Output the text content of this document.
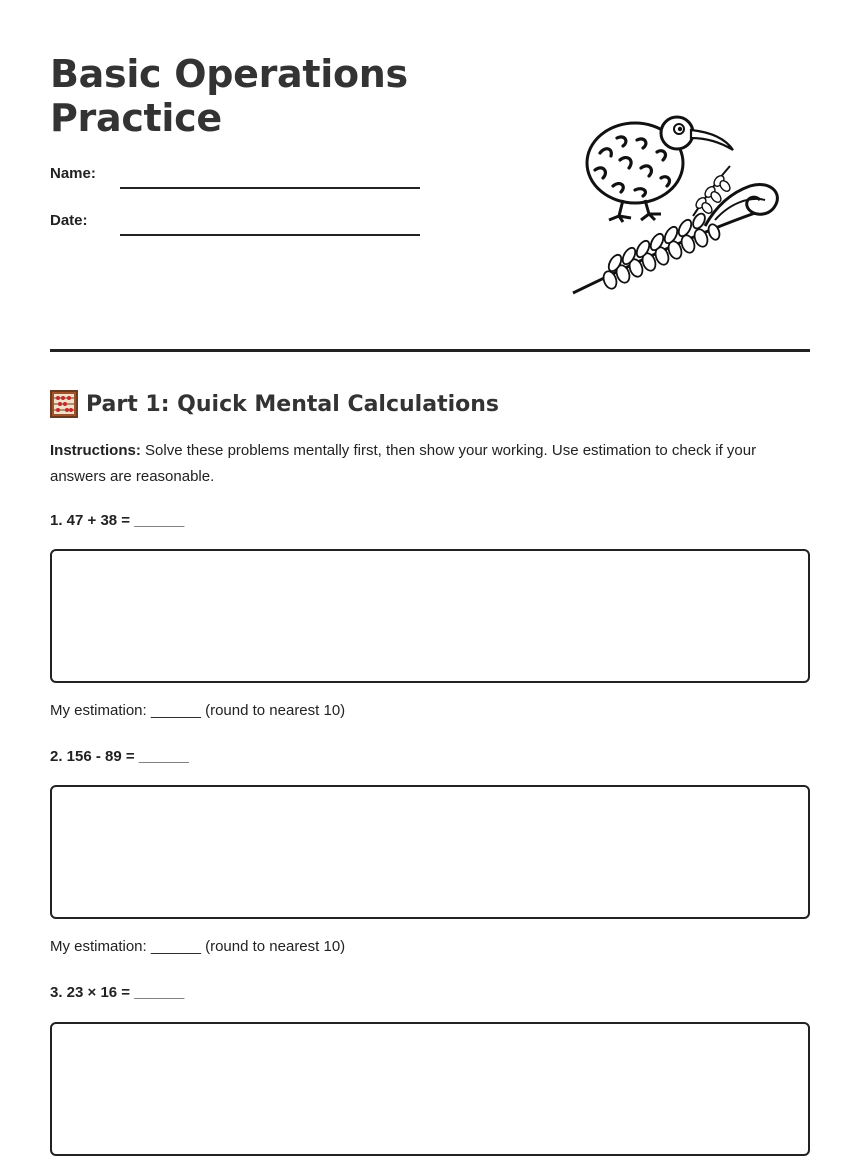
Basic Operations
Practice
Name:
Date:
Part 1: Quick Mental Calculations
Instructions: Solve these problems mentally first, then show your working. Use estimation to check if your answers are reasonable.
1. 47 + 38 = ______
My estimation: ______ (round to nearest 10)
2. 156 - 89 = ______
My estimation: ______ (round to nearest 10)
3. 23 × 16 = ______
